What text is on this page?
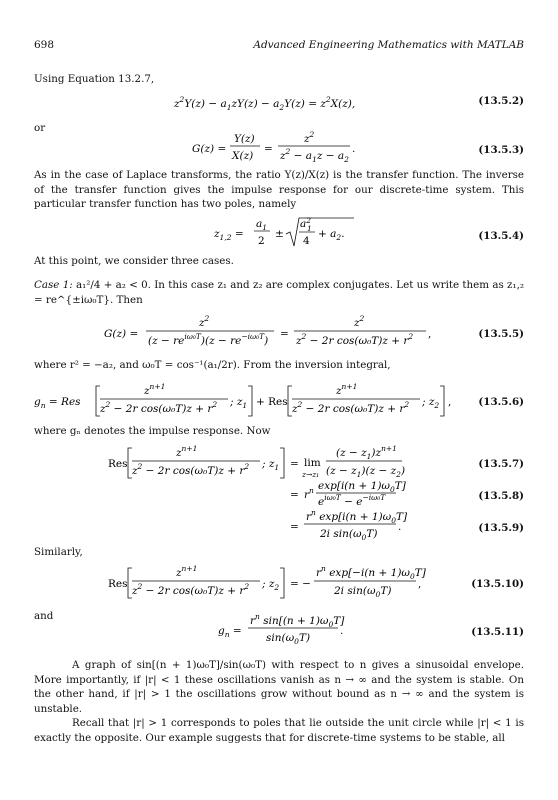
698	Advanced Engineering Mathematics with MATLAB
Using Equation 13.2.7,
$z^2Y(z) - a_1zY(z) - a_2Y(z) = z^2X(z)$,	(13.5.2)
or
G(z) =
Y(z)
X(z)
=
$z^2$
$z^2 - a_1z - a_2$
.	(13.5.3)
As in the case of Laplace transforms, the ratio Y(z)/X(z) is the transfer function. The inverse of the transfer function gives the impulse response for our discrete-time system. This particular transfer function has two poles, namely
$z_{1,2}$ =
$a_1$
2
±
$a^2$ 1
4
+ $a_2$.	(13.5.4)
At this point, we consider three cases.
Case 1: a₁²/4 + a₂ < 0. In this case z₁ and z₂ are complex conjugates. Let us write them as z₁,₂ = re^{±iω₀T}. Then
G(z) =
$z^2$
$(z - re^{i\omega_0T})(z - re^{-i\omega_0T})$
=
$z^2$
$z^2 - 2r$ $\cos(\omega_0T)z + r^2$ ,	(13.5.5)
where r² = −a₂, and ω₀T = cos⁻¹(a₁/2r). From the inversion integral,
$g_n$ = Res
$z^{n+1}$
$z^2 - 2r$ $\cos(\omega_0T)z + r^2$ ; $z_1$ + Res
$z^{n+1}$
$z^2 - 2r$ $\cos(\omega_0T)z + r^2$ ; $z_2$ ,	(13.5.6)
where gₙ denotes the impulse response. Now
Res
$z^{n+1}$
$z^2 - 2r$ $\cos(\omega_0T)z + r^2$ ; $z_1 = \lim$
z→z₁
$(z - z_1)z^{n+1}$
$(z - z_1)(z - z_2)$
(13.5.7)
= $r^n$ $\exp[i(n + 1)\omega_0T]$
$e^{i\omega_0T} - e^{-i\omega_0T}$	(13.5.8)
=
$r^n$ $\exp[i(n + 1)\omega_0T]$
2i $\sin(\omega_0T)$
.	(13.5.9)
Similarly,
Res
$z^{n+1}$
$z^2 - 2r$ $\cos(\omega_0T)z + r^2$ ; $z_2$ = −
$r^n$ $\exp[-i(n + 1)\omega_0T]$
2i $\sin(\omega_0T)$
,	(13.5.10)
and
$g_n$ =
$r^n$ $\sin[(n + 1)\omega_0T]$
$\sin(\omega_0T)$
.	(13.5.11)
A graph of sin[(n + 1)ω₀T]/sin(ω₀T) with respect to n gives a sinusoidal envelope. More importantly, if |r| < 1 these oscillations vanish as n → ∞ and the system is stable. On the other hand, if |r| > 1 the oscillations grow without bound as n → ∞ and the system is unstable.
Recall that |r| > 1 corresponds to poles that lie outside the unit circle while |r| < 1 is exactly the opposite. Our example suggests that for discrete-time systems to be stable, all
